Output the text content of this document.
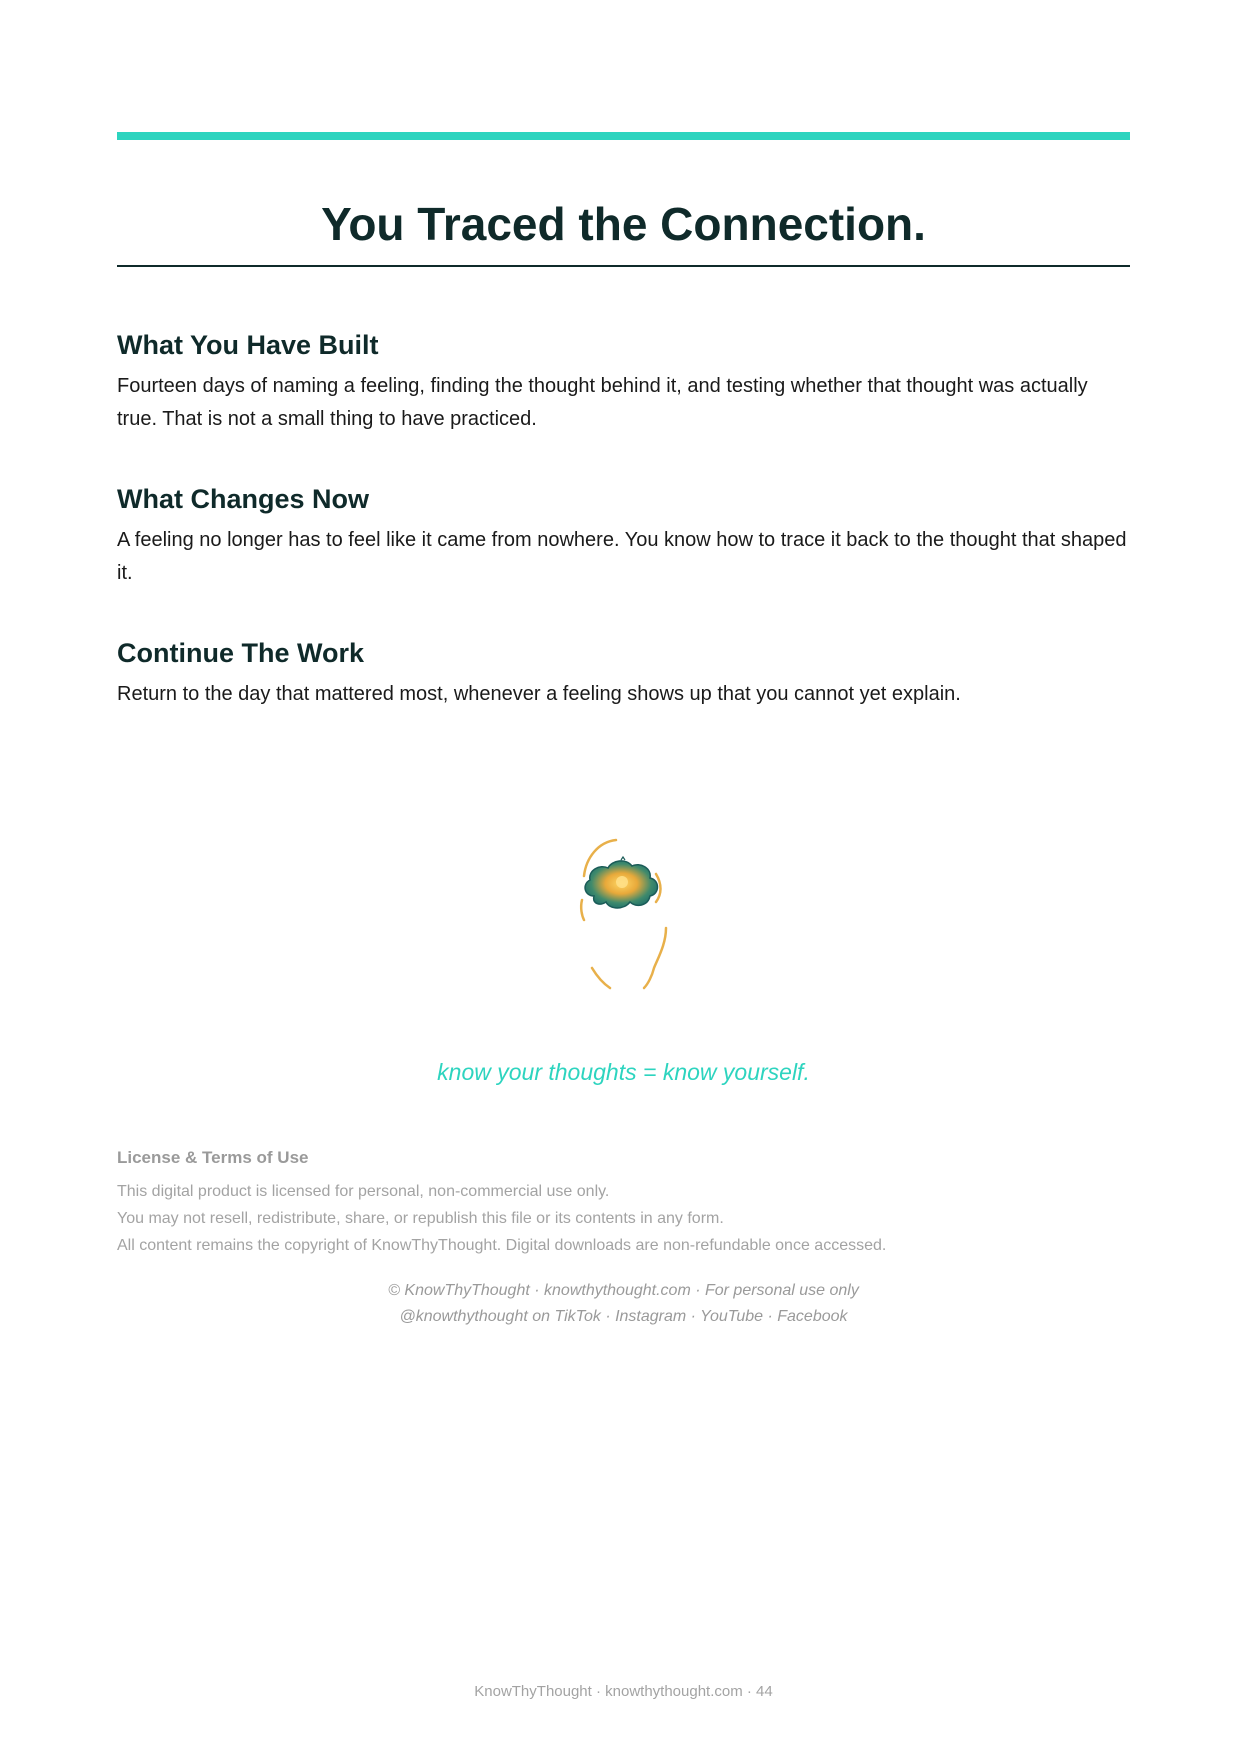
You Traced the Connection.
What You Have Built

Fourteen days of naming a feeling, finding the thought behind it, and testing whether that thought was actually true. That is not a small thing to have practiced.

What Changes Now

A feeling no longer has to feel like it came from nowhere. You know how to trace it back to the thought that shaped it.

Continue The Work

Return to the day that mattered most, whenever a feeling shows up that you cannot yet explain.

know your thoughts = know yourself.
License & Terms of Use
This digital product is licensed for personal, non-commercial use only.
You may not resell, redistribute, share, or republish this file or its contents in any form.
All content remains the copyright of KnowThyThought. Digital downloads are non-refundable once accessed.
© KnowThyThought · knowthythought.com · For personal use only
@knowthythought on TikTok · Instagram · YouTube · Facebook
KnowThyThought · knowthythought.com · 44
